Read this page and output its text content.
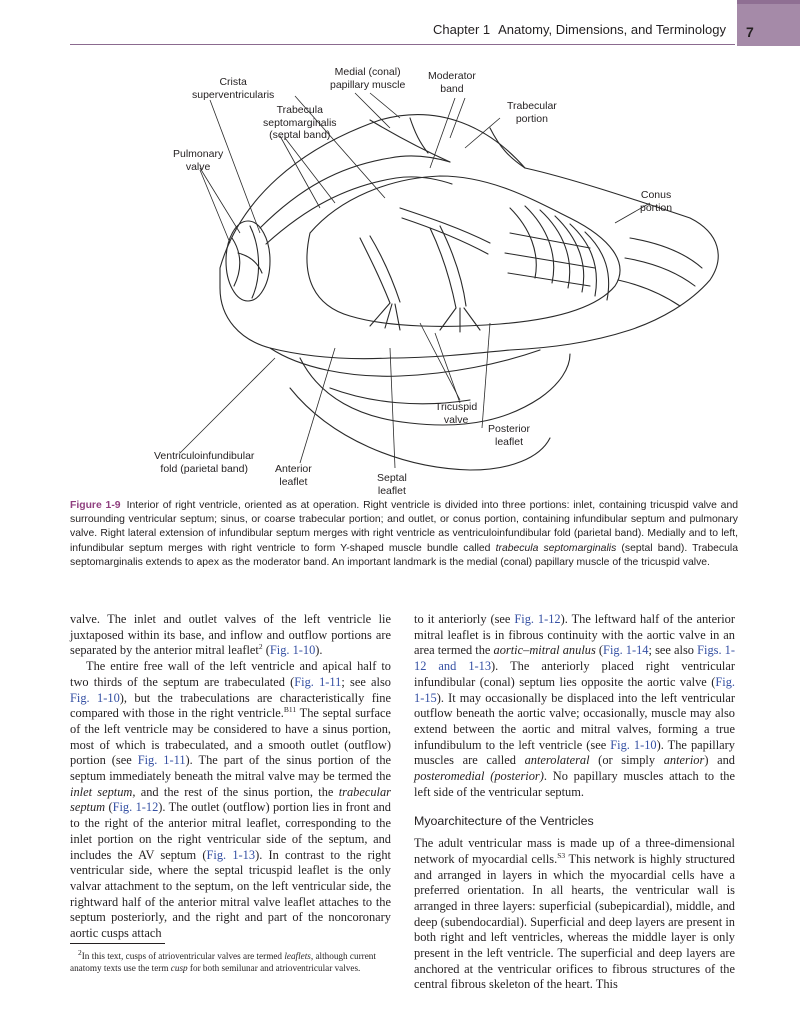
Chapter 1 Anatomy, Dimensions, and Terminology	7
Crista
superventricularis
Medial (conal)
papillary muscle
Moderator
band
Trabecula
septomarginalis
(septal band)
Trabecular
portion
Pulmonary
valve
Conus
portion
Tricuspid
valve
Posterior
leaflet
Ventriculoinfundibular
fold (parietal band)	Anterior
leaflet	Septal
leaflet
Figure 1-9 Interior of right ventricle, oriented as at operation. Right ventricle is divided into three portions: inlet, containing tricuspid valve and surrounding ventricular septum; sinus, or coarse trabecular portion; and outlet, or conus portion, containing infundibular septum and pulmonary valve. Right lateral extension of infundibular septum merges with right ventricle as ventriculoinfundibular fold (parietal band). Medially and to left, infundibular septum merges with right ventricle to form Y-shaped muscle bundle called trabecula septomarginalis (septal band). Trabecula septomarginalis extends to apex as the moderator band. An important landmark is the medial (conal) papillary muscle of the tricuspid valve.

valve. The inlet and outlet valves of the left ventricle lie juxtaposed within its base, and inflow and outflow portions are separated by the anterior mitral leaflet$^2$ (Fig. 1-10).

The entire free wall of the left ventricle and apical half to two thirds of the septum are trabeculated (Fig. 1-11; see also Fig. 1-10), but the trabeculations are characteristically fine compared with those in the right ventricle.$^{B11}$ The septal surface of the left ventricle may be considered to have a sinus portion, most of which is trabeculated, and a smooth outlet (outflow) portion (see Fig. 1-11). The part of the sinus portion of the septum immediately beneath the mitral valve may be termed the inlet septum, and the rest of the sinus portion, the trabecular septum (Fig. 1-12). The outlet (outflow) portion lies in front and to the right of the anterior mitral leaflet, corresponding to the inlet portion on the right ventricular side of the septum, and includes the AV septum (Fig. 1-13). In contrast to the right ventricular side, where the septal tricuspid leaflet is the only valvar attachment to the septum, on the left ventricular side, the rightward half of the anterior mitral valve leaflet attaches to the septum posteriorly, and the right and part of the noncoronary aortic cusps attach

$^2$In this text, cusps of atrioventricular valves are termed leaflets, although current anatomy texts use the term cusp for both semilunar and atrioventricular valves.

to it anteriorly (see Fig. 1-12). The leftward half of the anterior mitral leaflet is in fibrous continuity with the aortic valve in an area termed the aortic–mitral anulus (Fig. 1-14; see also Figs. 1-12 and 1-13). The anteriorly placed right ventricular infundibular (conal) septum lies opposite the aortic valve (Fig. 1-15). It may occasionally be displaced into the left ventricular outflow beneath the aortic valve; occasionally, muscle may also extend between the aortic and mitral valves, forming a true infundibulum to the left ventricle (see Fig. 1-10). The papillary muscles are called anterolateral (or simply anterior) and posteromedial (posterior). No papillary muscles attach to the left side of the ventricular septum.

Myoarchitecture of the Ventricles

The adult ventricular mass is made up of a three-dimensional network of myocardial cells.$^{S3}$ This network is highly structured and arranged in layers in which the myocardial cells have a preferred orientation. In all hearts, the ventricular wall is arranged in three layers: superficial (subepicardial), middle, and deep (subendocardial). Superficial and deep layers are present in both right and left ventricles, whereas the middle layer is only present in the left ventricle. The superficial and deep layers are anchored at the ventricular orifices to fibrous structures of the central fibrous skeleton of the heart. This
